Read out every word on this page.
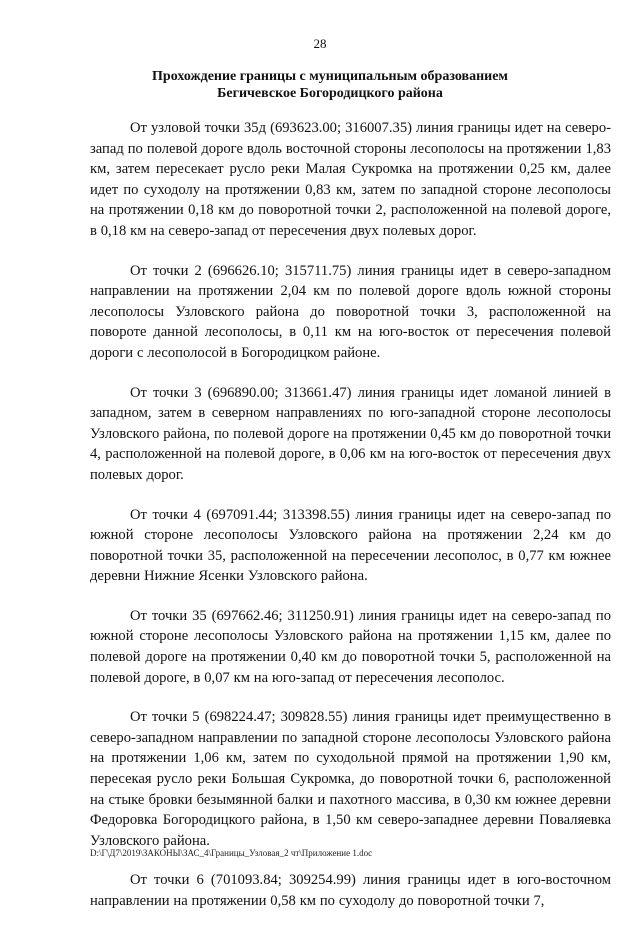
28
Прохождение границы с муниципальным образованием
Бегичевское Богородицкого района

От узловой точки 35д (693623.00; 316007.35) линия границы идет на северо-запад по полевой дороге вдоль восточной стороны лесополосы на протяжении 1,83 км, затем пересекает русло реки Малая Сукромка на протяжении 0,25 км, далее идет по суходолу на протяжении 0,83 км, затем по западной стороне лесополосы на протяжении 0,18 км до поворотной точки 2, расположенной на полевой дороге, в 0,18 км на северо-запад от пересечения двух полевых дорог.

От точки 2 (696626.10; 315711.75) линия границы идет в северо-западном направлении на протяжении 2,04 км по полевой дороге вдоль южной стороны лесополосы Узловского района до поворотной точки 3, расположенной на повороте данной лесополосы, в 0,11 км на юго-восток от пересечения полевой дороги с лесополосой в Богородицком районе.

От точки 3 (696890.00; 313661.47) линия границы идет ломаной линией в западном, затем в северном направлениях по юго-западной стороне лесополосы Узловского района, по полевой дороге на протяжении 0,45 км до поворотной точки 4, расположенной на полевой дороге, в 0,06 км на юго-восток от пересечения двух полевых дорог.

От точки 4 (697091.44; 313398.55) линия границы идет на северо-запад по южной стороне лесополосы Узловского района на протяжении 2,24 км до поворотной точки 35, расположенной на пересечении лесополос, в 0,77 км южнее деревни Нижние Ясенки Узловского района.

От точки 35 (697662.46; 311250.91) линия границы идет на северо-запад по южной стороне лесополосы Узловского района на протяжении 1,15 км, далее по полевой дороге на протяжении 0,40 км до поворотной точки 5, расположенной на полевой дороге, в 0,07 км на юго-запад от пересечения лесополос.

От точки 5 (698224.47; 309828.55) линия границы идет преимущественно в северо-западном направлении по западной стороне лесополосы Узловского района на протяжении 1,06 км, затем по суходольной прямой на протяжении 1,90 км, пересекая русло реки Большая Сукромка, до поворотной точки 6, расположенной на стыке бровки безымянной балки и пахотного массива, в 0,30 км южнее деревни Федоровка Богородицкого района, в 1,50 км северо-западнее деревни Поваляевка Узловского района.

От точки 6 (701093.84; 309254.99) линия границы идет в юго-восточном направлении на протяжении 0,58 км по суходолу до поворотной точки 7,

D:\Г\Д7\2019\ЗАКОНЫ\ЗАС_4\Границы_Узловая_2 чт\Приложение 1.doc
